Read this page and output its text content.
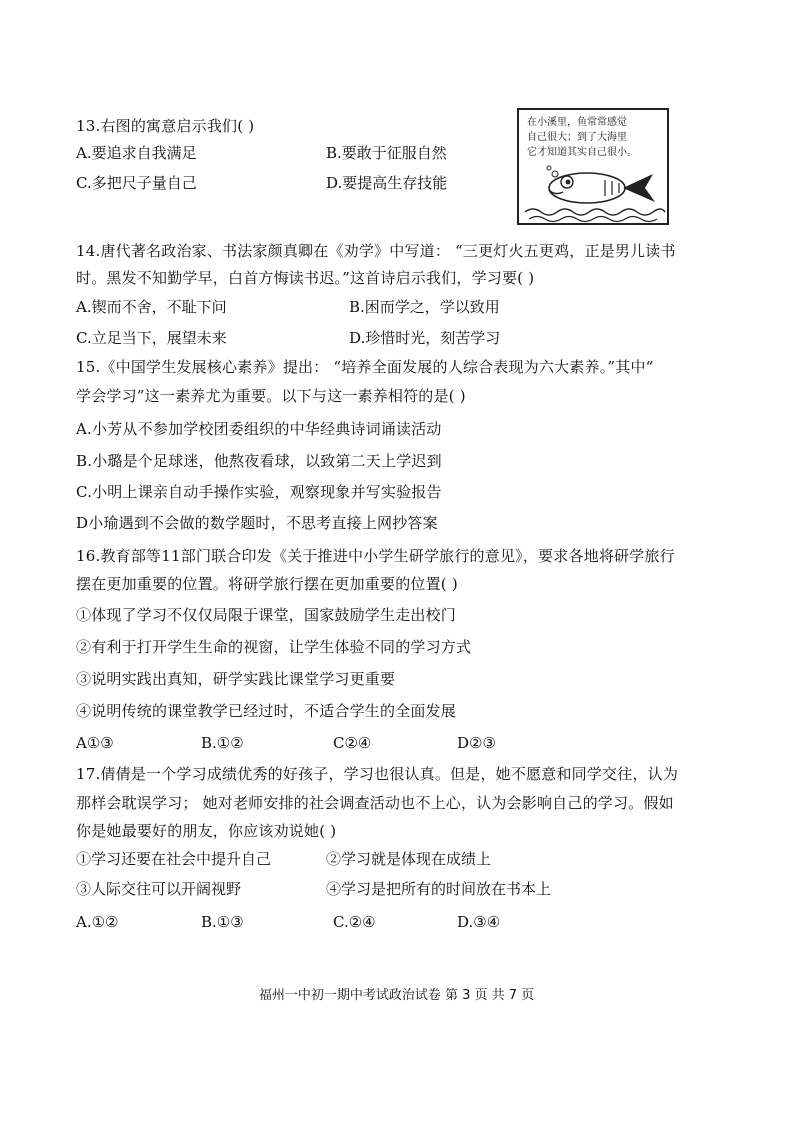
13.右图的寓意启示我们( )
A.要追求自我满足	B.要敢于征服自然
C.多把尺子量自己	D.要提高生存技能
在小溪里，鱼常常感觉
自己很大；到了大海里
它才知道其实自己很小。
14.唐代著名政治家、书法家颜真卿在《劝学》中写道： “三更灯火五更鸡，正是男儿读书
时。黑发不知勤学早，白首方悔读书迟。”这首诗启示我们，学习要( )
A.锲而不舍，不耻下问	B.困而学之，学以致用
C.立足当下，展望未来	D.珍惜时光，刻苦学习
15.《中国学生发展核心素养》提出： “培养全面发展的人综合表现为六大素养。”其中“
学会学习”这一素养尤为重要。以下与这一素养相符的是( )
A.小芳从不参加学校团委组织的中华经典诗词诵读活动
B.小璐是个足球迷，他熬夜看球，以致第二天上学迟到
C.小明上课亲自动手操作实验，观察现象并写实验报告
D小瑜遇到不会做的数学题时，不思考直接上网抄答案
16.教育部等11部门联合印发《关于推进中小学生研学旅行的意见》，要求各地将研学旅行
摆在更加重要的位置。将研学旅行摆在更加重要的位置( )
①体现了学习不仅仅局限于课堂，国家鼓励学生走出校门
②有利于打开学生生命的视窗，让学生体验不同的学习方式
③说明实践出真知，研学实践比课堂学习更重要
④说明传统的课堂教学已经过时，不适合学生的全面发展
A①③	B.①②	C②④	D②③
17.倩倩是一个学习成绩优秀的好孩子，学习也很认真。但是，她不愿意和同学交往，认为
那样会耽误学习； 她对老师安排的社会调查活动也不上心，认为会影响自己的学习。假如
你是她最要好的朋友，你应该劝说她( )
①学习还要在社会中提升自己	②学习就是体现在成绩上
③人际交往可以开阔视野	④学习是把所有的时间放在书本上
A.①②	B.①③	C.②④	D.③④
福州一中初一期中考试政治试卷 第 3 页 共 7 页
